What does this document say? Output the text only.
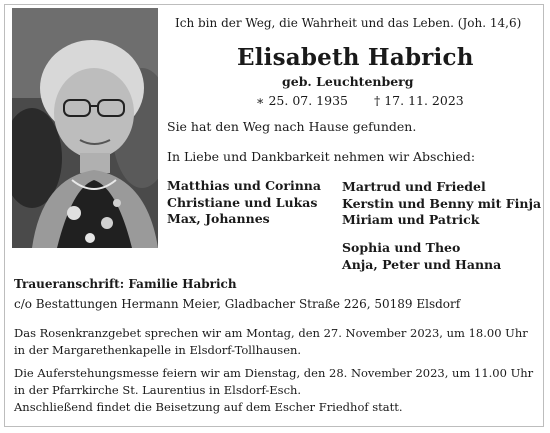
Ich bin der Weg, die Wahrheit und das Leben. (Joh. 14,6)
Elisabeth Habrich
geb. Leuchtenberg
∗ 25. 07. 1935 † 17. 11. 2023
Sie hat den Weg nach Hause gefunden.
In Liebe und Dankbarkeit nehmen wir Abschied:
Matthias und Corinna
Christiane und Lukas
Max, Johannes
Martrud und Friedel
Kerstin und Benny mit Finja
Miriam und Patrick
Sophia und Theo
Anja, Peter und Hanna
Traueranschrift: Familie Habrich
c/o Bestattungen Hermann Meier, Gladbacher Straße 226, 50189 Elsdorf
Das Rosenkranzgebet sprechen wir am Montag, den 27. November 2023, um 18.00 Uhr
in der Margarethenkapelle in Elsdorf-Tollhausen.
Die Auferstehungsmesse feiern wir am Dienstag, den 28. November 2023, um 11.00 Uhr
in der Pfarrkirche St. Laurentius in Elsdorf-Esch.
Anschließend findet die Beisetzung auf dem Escher Friedhof statt.
